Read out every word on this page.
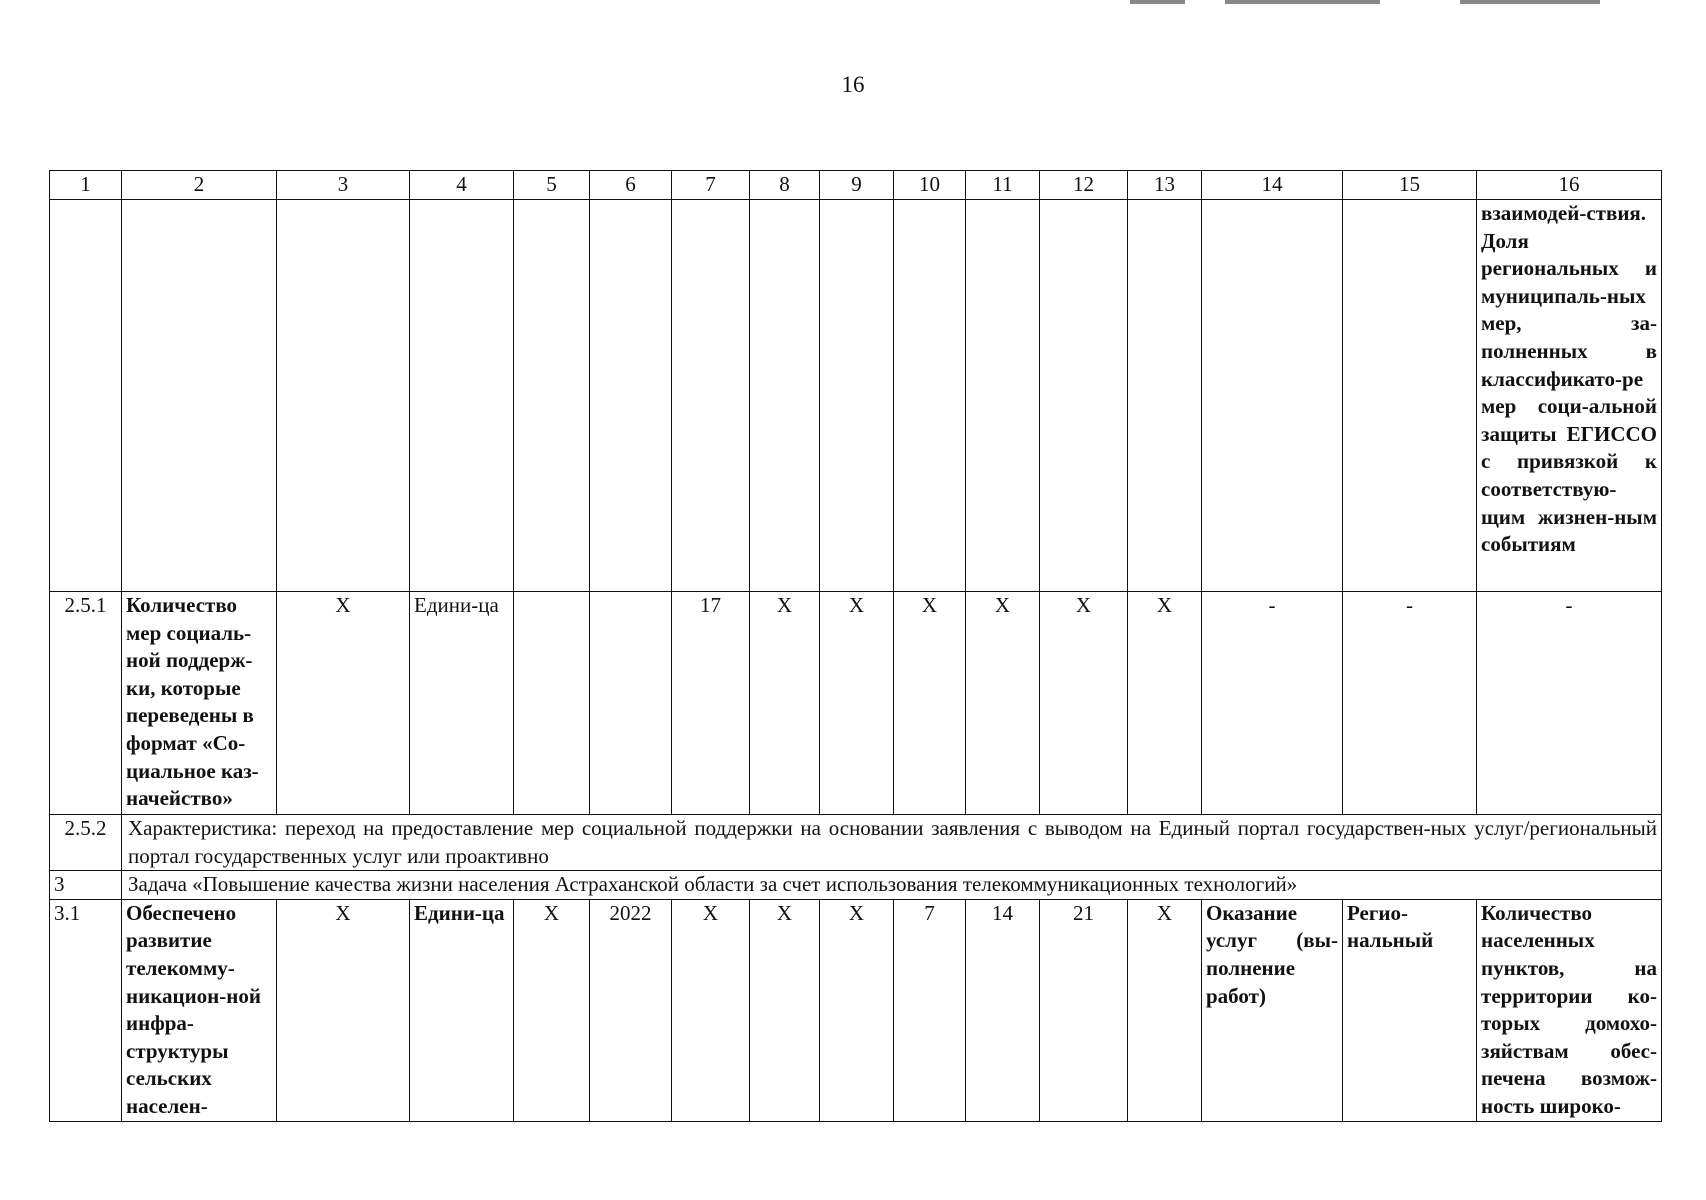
16
1	2	3	4	5	6	7	8	9	10	11	12	13	14	15	16
															взаимодей-ствия. Доля региональных и муниципаль-ных мер, за-полненных в классификато-ре мер соци-альной защиты ЕГИССО с привязкой к соответствую-щим жизнен-ным событиям
2.5.1	Количество мер социаль-ной поддерж-ки, которые переведены в формат «Со-циальное каз-начейство»	X	Едини-ца			17	X	X	X	X	X	X	-	-	-
2.5.2	Характеристика: переход на предоставление мер социальной поддержки на основании заявления с выводом на Единый портал государствен-ных услуг/региональный портал государственных услуг или проактивно														
3	Задача «Повышение качества жизни населения Астраханской области за счет использования телекоммуникационных технологий»														
3.1	Обеспечено развитие телекомму-никацион-ной инфра-структуры сельских населен-	X	Едини-ца	X	2022	X	X	X	7	14	21	X	Оказание услуг (вы-полнение работ)	Регио-нальный	Количество населенных пунктов, на территории ко-торых домохо-зяйствам обес-печена возмож-ность широко-
